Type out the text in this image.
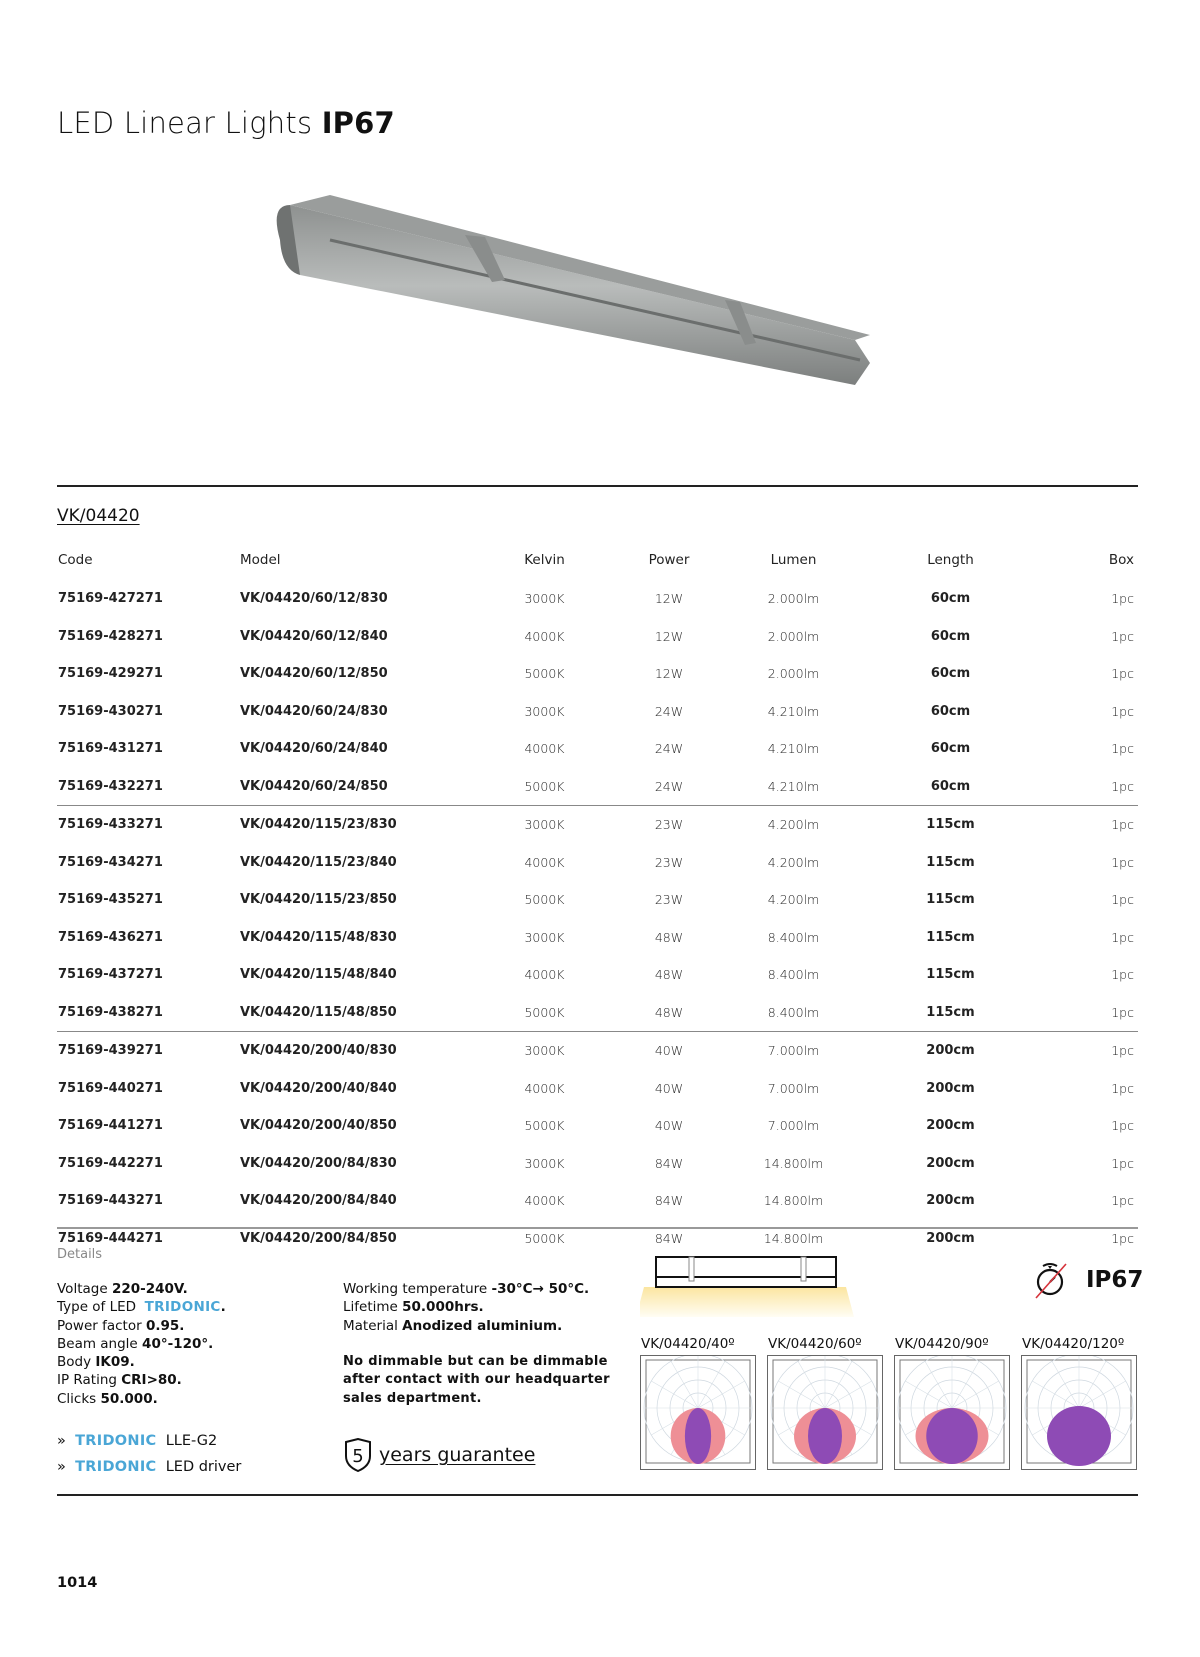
LED Linear Lights IP67
VK/04420
Code	Model	Kelvin	Power	Lumen	Length	Box
75169-427271	VK/04420/60/12/830	3000K	12W	2.000lm	60cm	1pc
75169-428271	VK/04420/60/12/840	4000K	12W	2.000lm	60cm	1pc
75169-429271	VK/04420/60/12/850	5000K	12W	2.000lm	60cm	1pc
75169-430271	VK/04420/60/24/830	3000K	24W	4.210lm	60cm	1pc
75169-431271	VK/04420/60/24/840	4000K	24W	4.210lm	60cm	1pc
75169-432271	VK/04420/60/24/850	5000K	24W	4.210lm	60cm	1pc
75169-433271	VK/04420/115/23/830	3000K	23W	4.200lm	115cm	1pc
75169-434271	VK/04420/115/23/840	4000K	23W	4.200lm	115cm	1pc
75169-435271	VK/04420/115/23/850	5000K	23W	4.200lm	115cm	1pc
75169-436271	VK/04420/115/48/830	3000K	48W	8.400lm	115cm	1pc
75169-437271	VK/04420/115/48/840	4000K	48W	8.400lm	115cm	1pc
75169-438271	VK/04420/115/48/850	5000K	48W	8.400lm	115cm	1pc
75169-439271	VK/04420/200/40/830	3000K	40W	7.000lm	200cm	1pc
75169-440271	VK/04420/200/40/840	4000K	40W	7.000lm	200cm	1pc
75169-441271	VK/04420/200/40/850	5000K	40W	7.000lm	200cm	1pc
75169-442271	VK/04420/200/84/830	3000K	84W	14.800lm	200cm	1pc
75169-443271	VK/04420/200/84/840	4000K	84W	14.800lm	200cm	1pc
75169-444271	VK/04420/200/84/850	5000K	84W	14.800lm	200cm	1pc
Details
Voltage 220-240V.
Type of LED TRIDONIC.
Power factor 0.95.
Beam angle 40°-120°.
Body IK09.
IP Rating CRI>80.
Clicks 50.000.
» TRIDONIC LLE-G2
» TRIDONIC LED driver
Working temperature -30°C→ 50°C.
Lifetime 50.000hrs.
Material Anodized aluminium.
No dimmable but can be dimmable
after contact with our headquarter
sales department.
5 years guarantee
IP67
VK/04420/40º VK/04420/60º VK/04420/90º VK/04420/120º
1014
